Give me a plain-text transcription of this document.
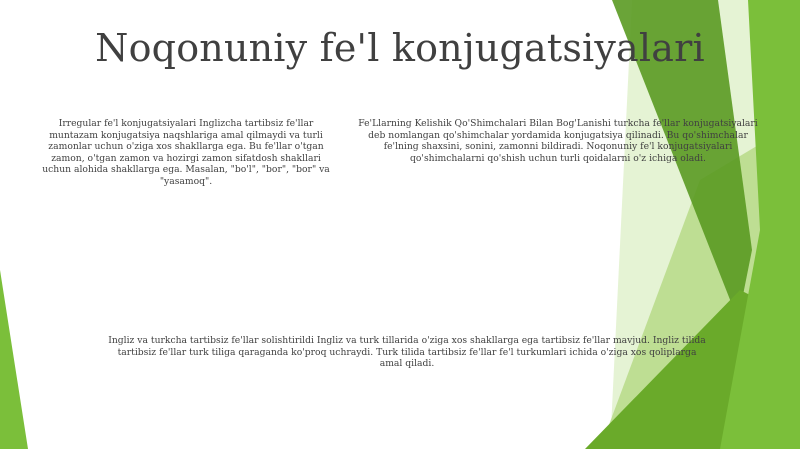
Noqonuniy fe'l konjugatsiyalari

Irregular fe'l konjugatsiyalari Inglizcha tartibsiz fe'llar muntazam konjugatsiya naqshlariga amal qilmaydi va turli zamonlar uchun o'ziga xos shakllarga ega. Bu fe'llar o'tgan zamon, o'tgan zamon va hozirgi zamon sifatdosh shakllari uchun alohida shakllarga ega. Masalan, "bo'l", "bor", "bor" va "yasamoq".

Fe'Llarning Kelishik Qo'Shimchalari Bilan Bog'Lanishi turkcha fe'llar konjugatsiyalari deb nomlangan qo'shimchalar yordamida konjugatsiya qilinadi. Bu qo'shimchalar fe'lning shaxsini, sonini, zamonni bildiradi. Noqonuniy fe'l konjugatsiyalari qo'shimchalarni qo'shish uchun turli qoidalarni o'z ichiga oladi.

Ingliz va turkcha tartibsiz fe'llar solishtirildi Ingliz va turk tillarida o'ziga xos shakllarga ega tartibsiz fe'llar mavjud. Ingliz tilida tartibsiz fe'llar turk tiliga qaraganda ko'proq uchraydi. Turk tilida tartibsiz fe'llar fe'l turkumlari ichida o'ziga xos qoliplarga amal qiladi.
